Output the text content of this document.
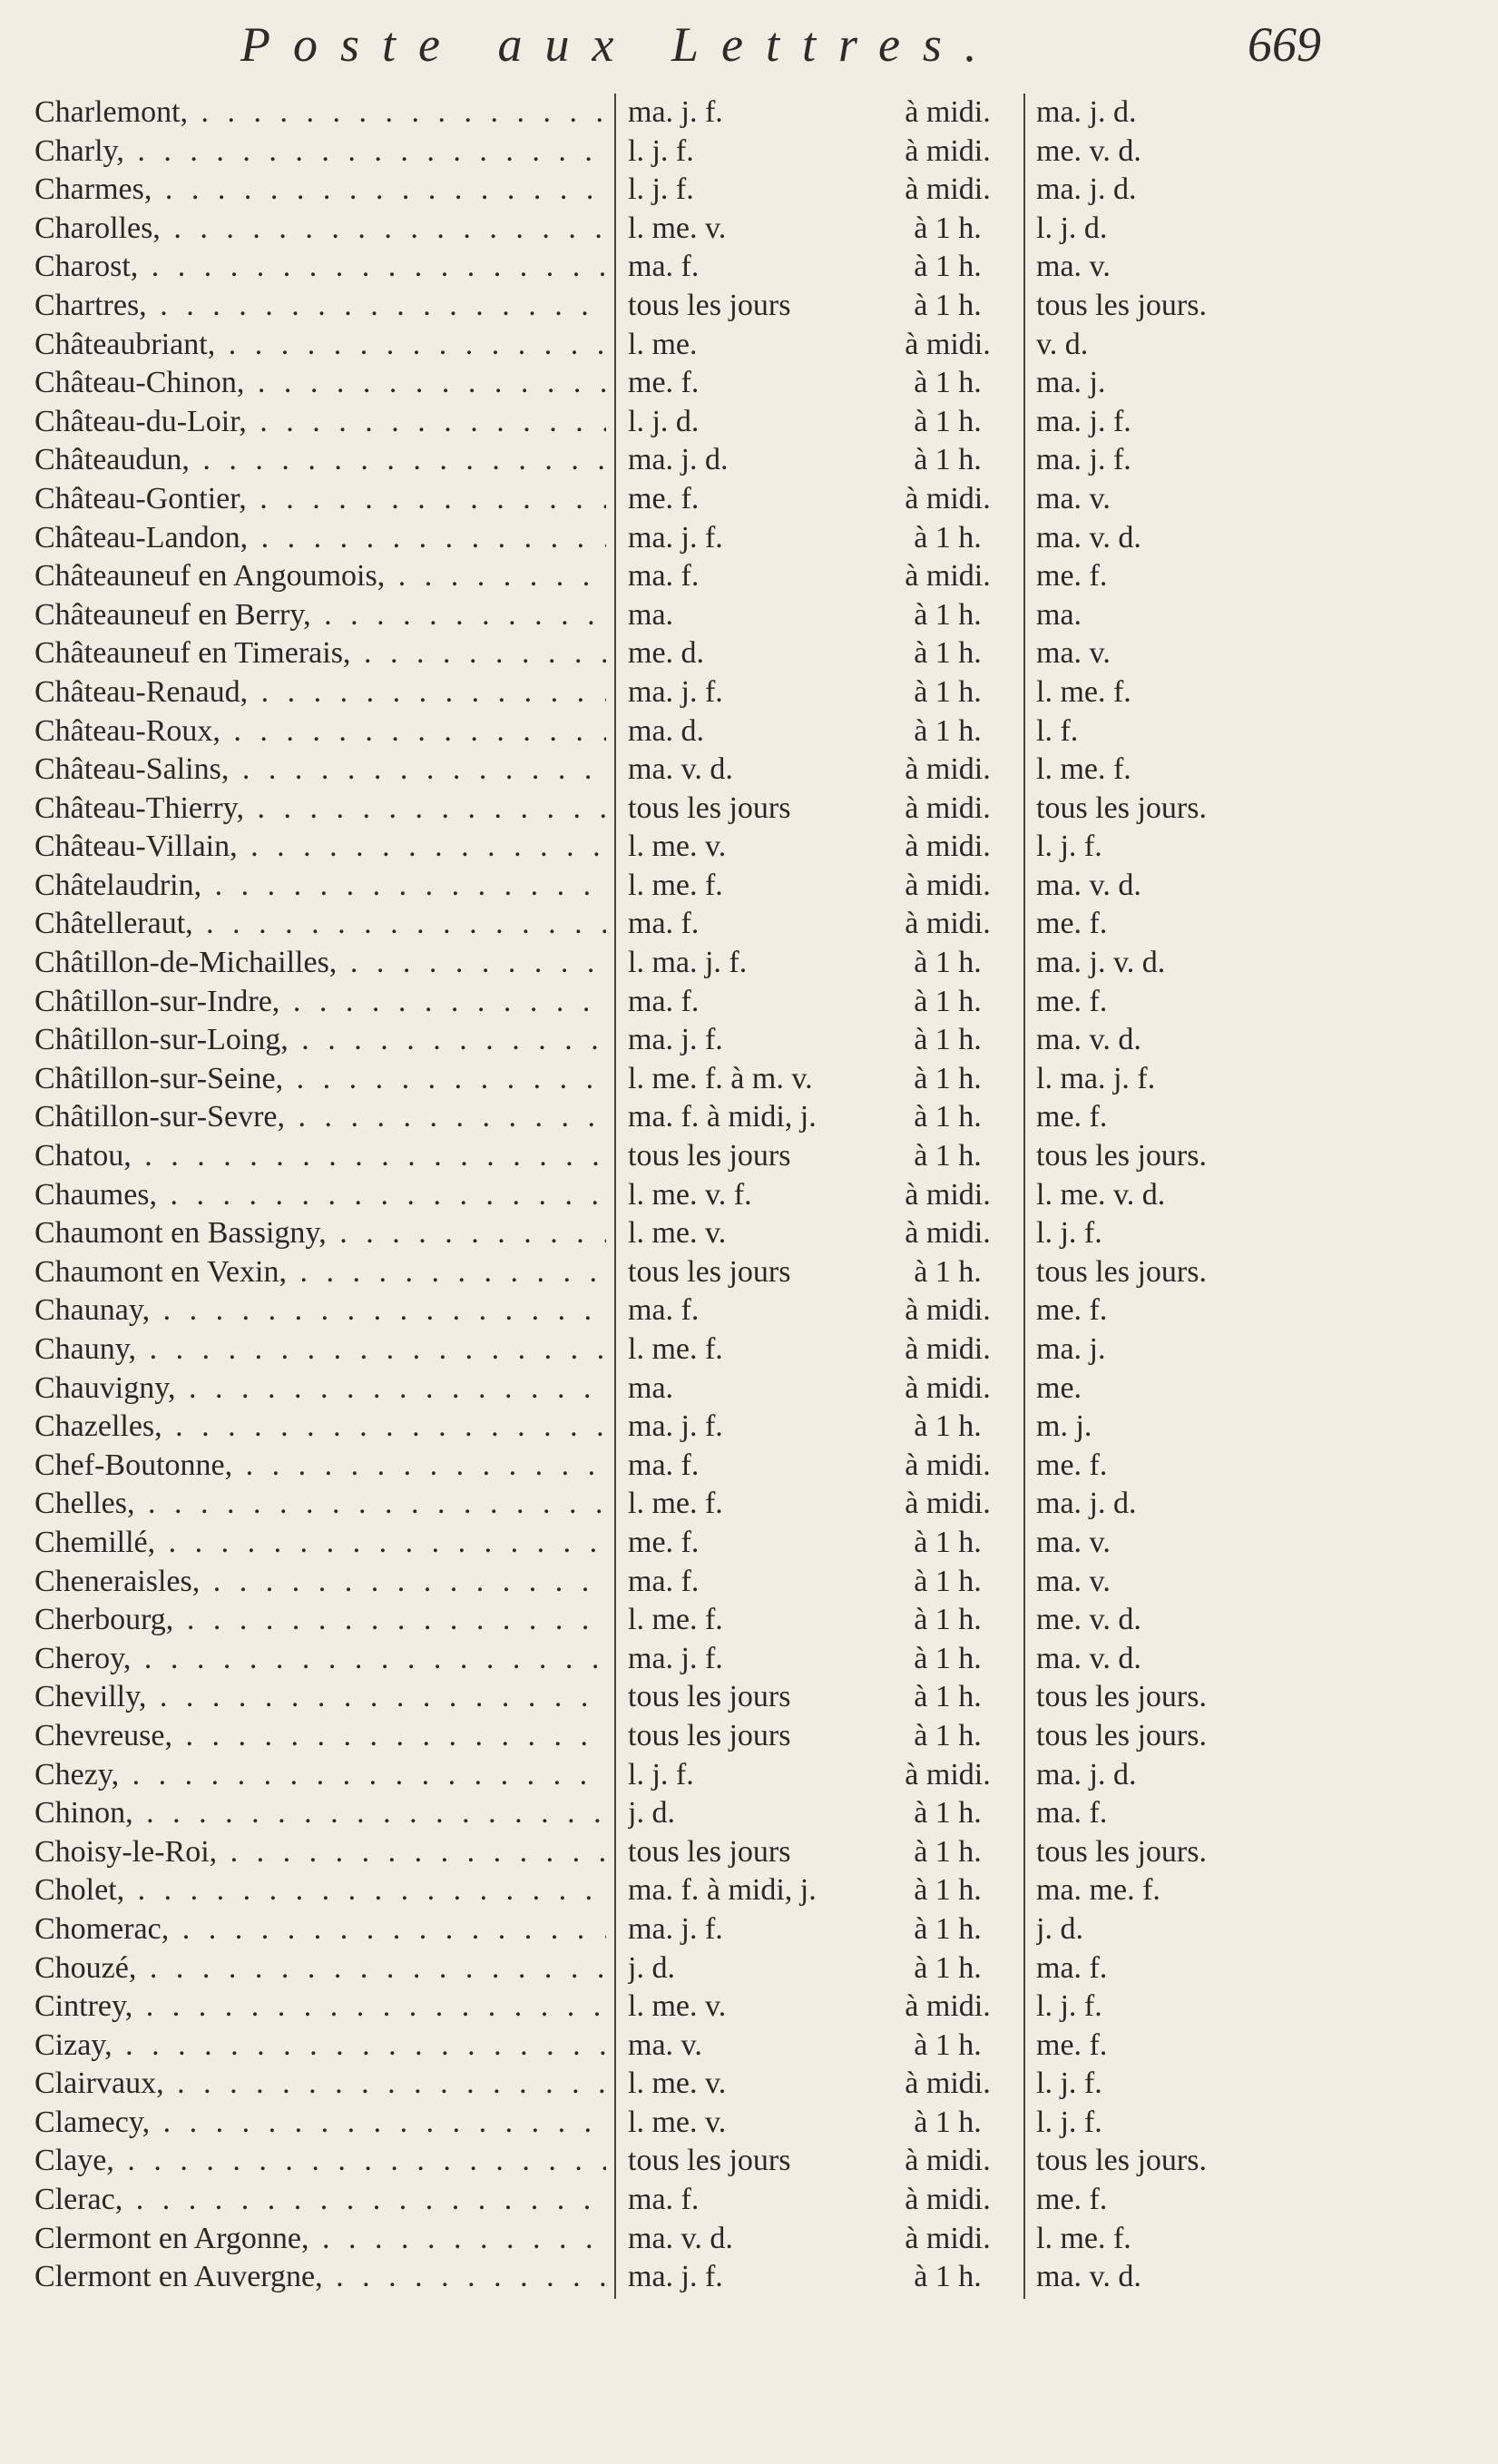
Poste aux Lettres.	669
Charlemont, . . .	ma. j. f.	à midi.	ma. j. d.
Charly, . . .	l. j. f.	à midi.	me. v. d.
Charmes, . . .	l. j. f.	à midi.	ma. j. d.
Charolles, . . .	l. me. v.	à 1 h.	l. j. d.
Charost, . . .	ma. f.	à 1 h.	ma. v.
Chartres, . . .	tous les jours	à 1 h.	tous les jours.
Châteaubriant, . . .	l. me.	à midi.	v. d.
Château-Chinon, . . .	me. f.	à 1 h.	ma. j.
Château-du-Loir, . . .	l. j. d.	à 1 h.	ma. j. f.
Châteaudun, . . .	ma. j. d.	à 1 h.	ma. j. f.
Château-Gontier, . . .	me. f.	à midi.	ma. v.
Château-Landon, . . .	ma. j. f.	à 1 h.	ma. v. d.
Châteauneuf en Angoumois, . . .	ma. f.	à midi.	me. f.
Châteauneuf en Berry, . . .	ma.	à 1 h.	ma.
Châteauneuf en Timerais, . . .	me. d.	à 1 h.	ma. v.
Château-Renaud, . . .	ma. j. f.	à 1 h.	l. me. f.
Château-Roux, . . .	ma. d.	à 1 h.	l. f.
Château-Salins, . . .	ma. v. d.	à midi.	l. me. f.
Château-Thierry, . . .	tous les jours	à midi.	tous les jours.
Château-Villain, . . .	l. me. v.	à midi.	l. j. f.
Châtelaudrin, . . .	l. me. f.	à midi.	ma. v. d.
Châtelleraut, . . .	ma. f.	à midi.	me. f.
Châtillon-de-Michailles, . . .	l. ma. j. f.	à 1 h.	ma. j. v. d.
Châtillon-sur-Indre, . . .	ma. f.	à 1 h.	me. f.
Châtillon-sur-Loing, . . .	ma. j. f.	à 1 h.	ma. v. d.
Châtillon-sur-Seine, . . .	l. me. f. à m. v.	à 1 h.	l. ma. j. f.
Châtillon-sur-Sevre, . . .	ma. f. à midi, j.	à 1 h.	me. f.
Chatou, . . .	tous les jours	à 1 h.	tous les jours.
Chaumes, . . .	l. me. v. f.	à midi.	l. me. v. d.
Chaumont en Bassigny, . . .	l. me. v.	à midi.	l. j. f.
Chaumont en Vexin, . . .	tous les jours	à 1 h.	tous les jours.
Chaunay, . . .	ma. f.	à midi.	me. f.
Chauny, . . .	l. me. f.	à midi.	ma. j.
Chauvigny, . . .	ma.	à midi.	me.
Chazelles, . . .	ma. j. f.	à 1 h.	m. j.
Chef-Boutonne, . . .	ma. f.	à midi.	me. f.
Chelles, . . .	l. me. f.	à midi.	ma. j. d.
Chemillé, . . .	me. f.	à 1 h.	ma. v.
Cheneraisles, . . .	ma. f.	à 1 h.	ma. v.
Cherbourg, . . .	l. me. f.	à 1 h.	me. v. d.
Cheroy, . . .	ma. j. f.	à 1 h.	ma. v. d.
Chevilly, . . .	tous les jours	à 1 h.	tous les jours.
Chevreuse, . . .	tous les jours	à 1 h.	tous les jours.
Chezy, . . .	l. j. f.	à midi.	ma. j. d.
Chinon, . . .	j. d.	à 1 h.	ma. f.
Choisy-le-Roi, . . .	tous les jours	à 1 h.	tous les jours.
Cholet, . . .	ma. f. à midi, j.	à 1 h.	ma. me. f.
Chomerac, . . .	ma. j. f.	à 1 h.	j. d.
Chouzé, . . .	j. d.	à 1 h.	ma. f.
Cintrey, . . .	l. me. v.	à midi.	l. j. f.
Cizay, . . .	ma. v.	à 1 h.	me. f.
Clairvaux, . . .	l. me. v.	à midi.	l. j. f.
Clamecy, . . .	l. me. v.	à 1 h.	l. j. f.
Claye, . . .	tous les jours	à midi.	tous les jours.
Clerac, . . .	ma. f.	à midi.	me. f.
Clermont en Argonne, . . .	ma. v. d.	à midi.	l. me. f.
Clermont en Auvergne, . . .	ma. j. f.	à 1 h.	ma. v. d.
